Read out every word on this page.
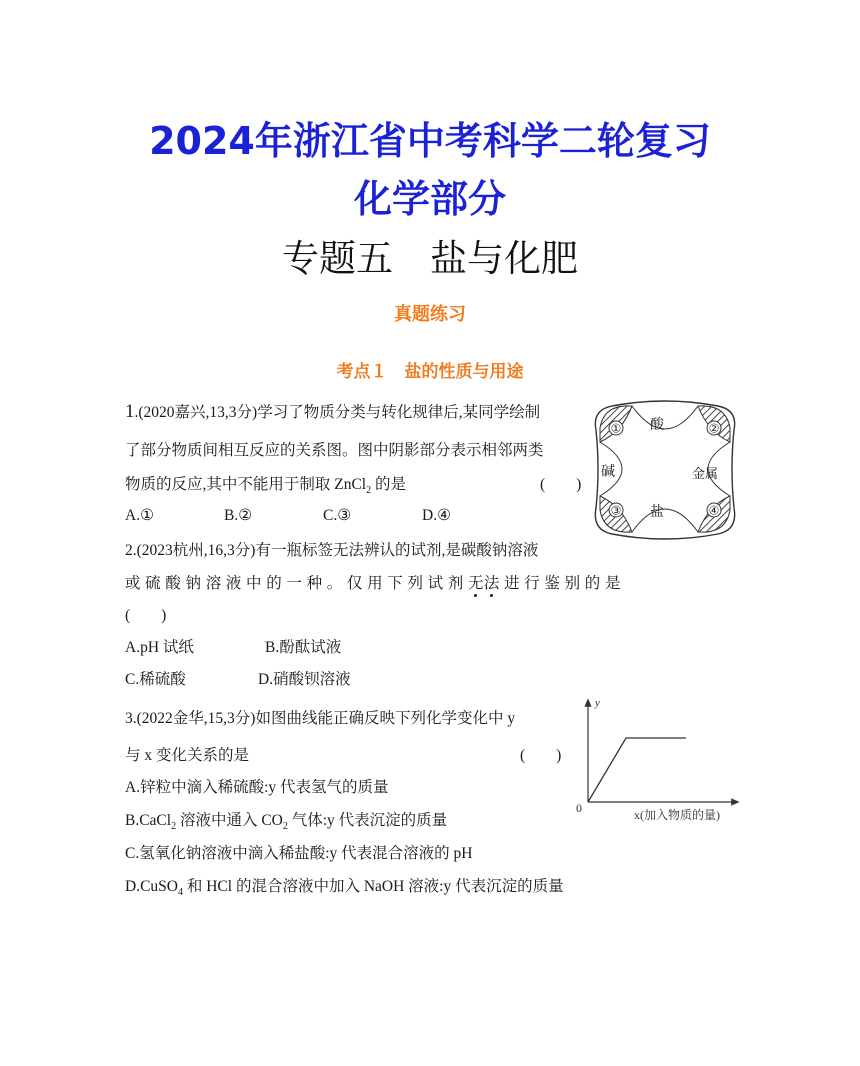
2024年浙江省中考科学二轮复习
化学部分
专题五　盐与化肥
真题练习
考点１　盐的性质与用途
1.(2020嘉兴,13,3分)学习了物质分类与转化规律后,某同学绘制
了部分物质间相互反应的关系图。图中阴影部分表示相邻两类
物质的反应,其中不能用于制取 ZnCl$_2$ 的是	(　　)
A.①	B.②	C.③	D.④
①	②
③	④
酸
碱	金属
盐
2.(2023杭州,16,3分)有一瓶标签无法辨认的试剂,是碳酸钠溶液
或 硫 酸 钠 溶 液 中 的 一 种 。 仅 用 下 列 试 剂 无法 进 行 鉴 别 的 是
(　　)
A.pH 试纸	B.酚酞试液
C.稀硫酸	D.硝酸钡溶液
3.(2022金华,15,3分)如图曲线能正确反映下列化学变化中 y
与 x 变化关系的是	(　　)
A.锌粒中滴入稀硫酸:y 代表氢气的质量
B.CaCl$_2$ 溶液中通入 $CO_2$ 气体:y 代表沉淀的质量
C.氢氧化钠溶液中滴入稀盐酸:y 代表混合溶液的 pH
D.CuSO$_4$ 和 HCl 的混合溶液中加入 NaOH 溶液:y 代表沉淀的质量
y
0	x(加入物质的量)
